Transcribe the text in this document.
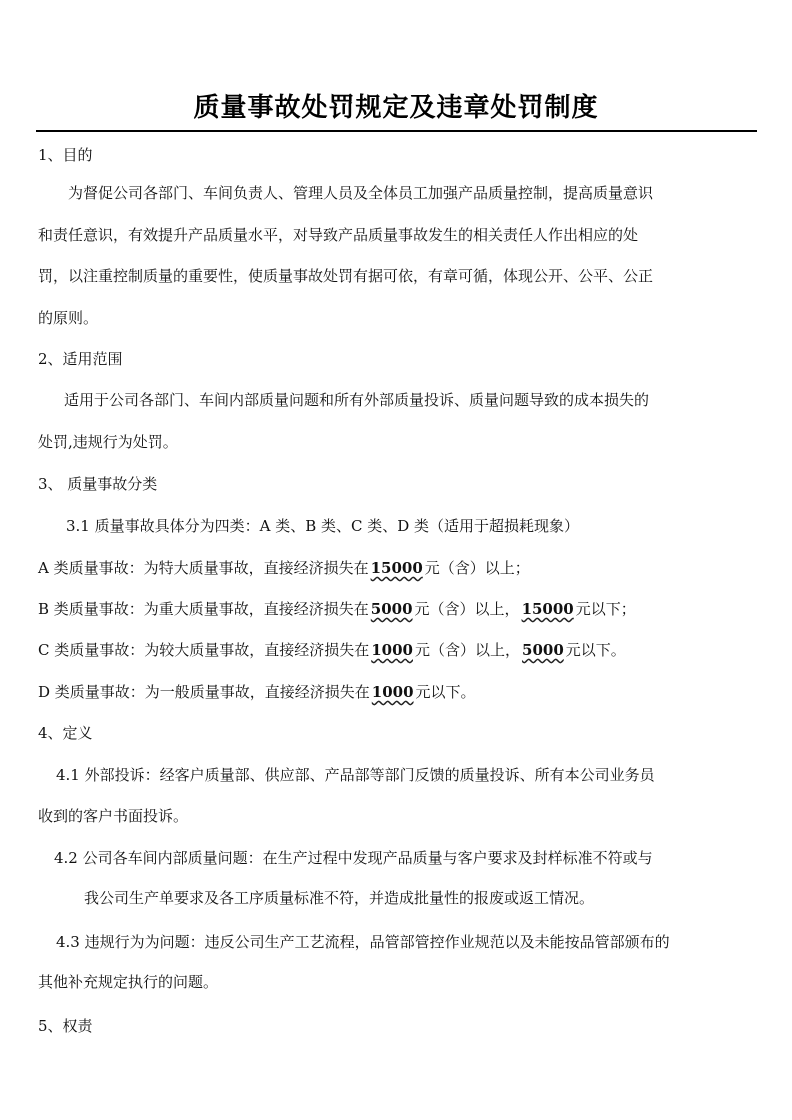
质量事故处罚规定及违章处罚制度
1、目的
为督促公司各部门、车间负责人、管理人员及全体员工加强产品质量控制，提高质量意识
和责任意识，有效提升产品质量水平，对导致产品质量事故发生的相关责任人作出相应的处
罚，以注重控制质量的重要性，使质量事故处罚有据可依，有章可循，体现公开、公平、公正
的原则。
2、适用范围
适用于公司各部门、车间内部质量问题和所有外部质量投诉、质量问题导致的成本损失的
处罚,违规行为处罚。
3、 质量事故分类
3.1 质量事故具体分为四类：A 类、B 类、C 类、D 类（适用于超损耗现象）
A 类质量事故：为特大质量事故，直接经济损失在 15000 元（含）以上；
B 类质量事故：为重大质量事故，直接经济损失在 5000 元（含）以上， 15000 元以下；
C 类质量事故：为较大质量事故，直接经济损失在 1000 元（含）以上， 5000 元以下。
D 类质量事故：为一般质量事故，直接经济损失在 1000 元以下。
4、定义
4.1 外部投诉：经客户质量部、供应部、产品部等部门反馈的质量投诉、所有本公司业务员
收到的客户书面投诉。
4.2 公司各车间内部质量问题：在生产过程中发现产品质量与客户要求及封样标准不符或与
我公司生产单要求及各工序质量标准不符，并造成批量性的报废或返工情况。
4.3 违规行为为问题：违反公司生产工艺流程，品管部管控作业规范以及未能按品管部颁布的
其他补充规定执行的问题。
5、权责
